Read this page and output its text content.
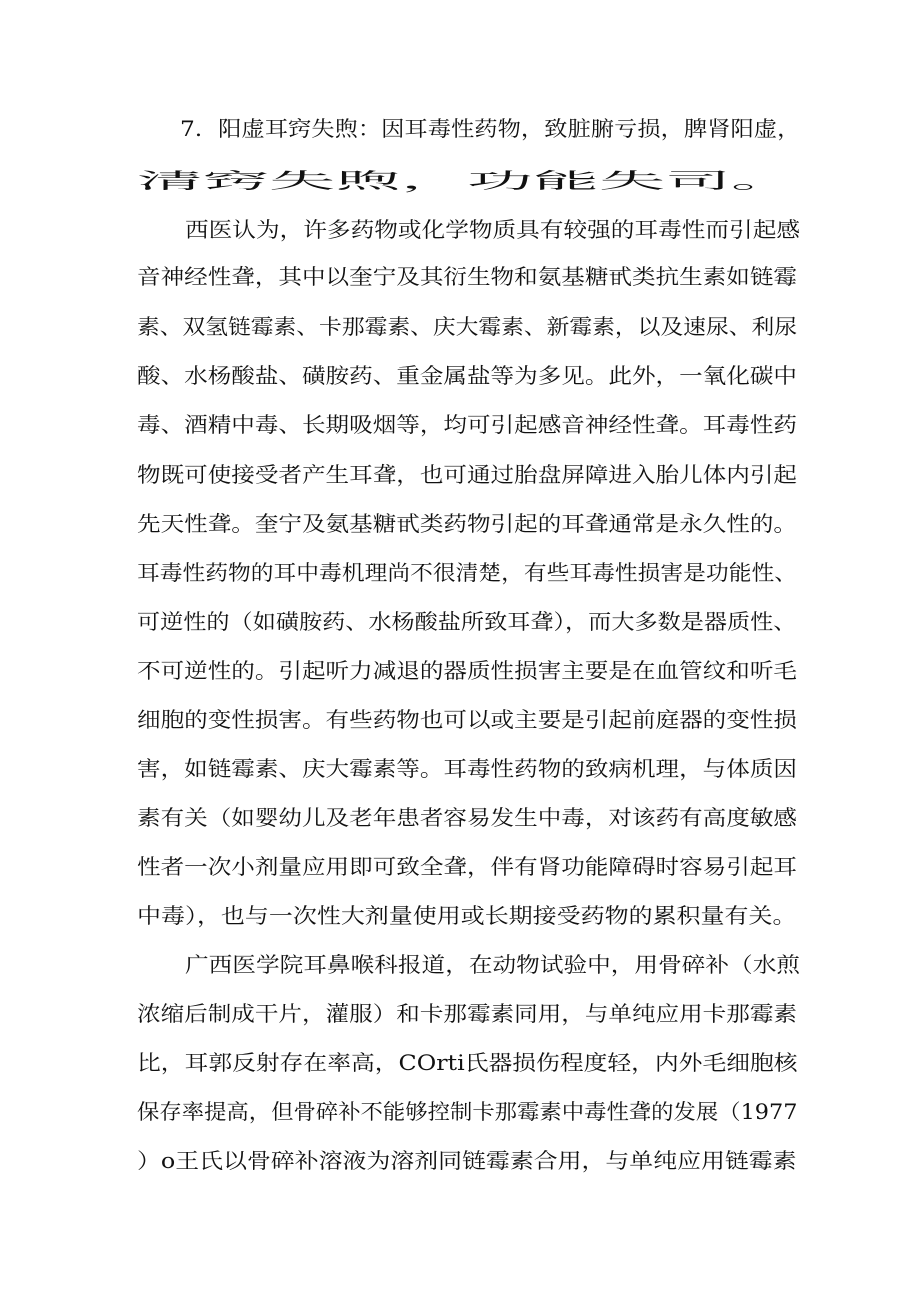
7．阳虚耳窍失煦：因耳毒性药物，致脏腑亏损，脾肾阳虚，

清窍失煦，功能失司。

西医认为，许多药物或化学物质具有较强的耳毒性而引起感

音神经性聋，其中以奎宁及其衍生物和氨基糖甙类抗生素如链霉

素、双氢链霉素、卡那霉素、庆大霉素、新霉素，以及速尿、利尿

酸、水杨酸盐、磺胺药、重金属盐等为多见。此外，一氧化碳中

毒、酒精中毒、长期吸烟等，均可引起感音神经性聋。耳毒性药

物既可使接受者产生耳聋，也可通过胎盘屏障进入胎儿体内引起

先天性聋。奎宁及氨基糖甙类药物引起的耳聋通常是永久性的。

耳毒性药物的耳中毒机理尚不很清楚，有些耳毒性损害是功能性、

可逆性的（如磺胺药、水杨酸盐所致耳聋），而大多数是器质性、

不可逆性的。引起听力减退的器质性损害主要是在血管纹和听毛

细胞的变性损害。有些药物也可以或主要是引起前庭器的变性损

害，如链霉素、庆大霉素等。耳毒性药物的致病机理，与体质因

素有关（如婴幼儿及老年患者容易发生中毒，对该药有高度敏感

性者一次小剂量应用即可致全聋，伴有肾功能障碍时容易引起耳

中毒），也与一次性大剂量使用或长期接受药物的累积量有关。

广西医学院耳鼻喉科报道，在动物试验中，用骨碎补（水煎

浓缩后制成干片，灌服）和卡那霉素同用，与单纯应用卡那霉素

比，耳郭反射存在率高，COrti氏器损伤程度轻，内外毛细胞核

保存率提高，但骨碎补不能够控制卡那霉素中毒性聋的发展（1977

）o王氏以骨碎补溶液为溶剂同链霉素合用，与单纯应用链霉素
